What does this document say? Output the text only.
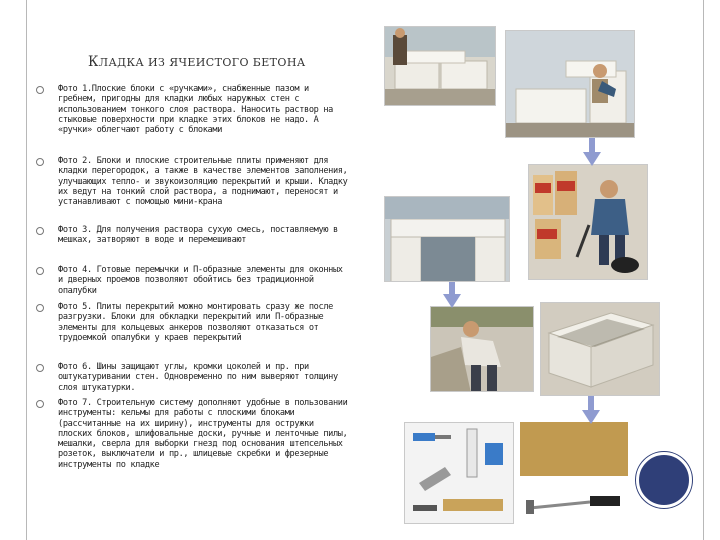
КЛАДКА ИЗ ЯЧЕИСТОГО БЕТОНА
Фото 1.Плоские блоки с «ручками», снабженные пазом и гребнем, пригодны для кладки любых наружных стен с использованием тонкого слоя раствора. Наносить раствор на стыковые поверхности при кладке этих блоков не надо. А «ручки» облегчают работу с блоками
Фото 2. Блоки и плоские строительные плиты применяют для кладки перегородок, а также в качестве элементов заполнения, улучшающих тепло- и звукоизоляцию перекрытий и крыши. Кладку их ведут на тонкий слой раствора, а поднимают, переносят и устанавливают с помощью мини-крана
Фото 3. Для получения раствора сухую смесь, поставляемую в мешках, затворяют в воде и перемешивают
Фото 4. Готовые перемычки и П-образные элементы для оконных и дверных проемов позволяют обойтись без традиционной опалубки
Фото 5. Плиты перекрытий можно монтировать сразу же после разгрузки. Блоки для обкладки перекрытий или П-образные элементы для кольцевых анкеров позволяют отказаться от трудоемкой опалубки у краев перекрытий
Фото 6. Шины защищают углы, кромки цоколей и пр. при оштукатуривании стен. Одновременно по ним выверяют толщину слоя штукатурки.
Фото 7. Строительную систему дополняют удобные в пользовании инструменты: кельмы для работы с плоскими блоками (рассчитанные на их ширину), инструменты для остружки плоских блоков, шлифовальные доски, ручные и ленточные пилы, мешалки, сверла для выборки гнезд под основания штепсельных розеток, выключатели и пр., шлицевые скребки и фрезерные инструменты по кладке
